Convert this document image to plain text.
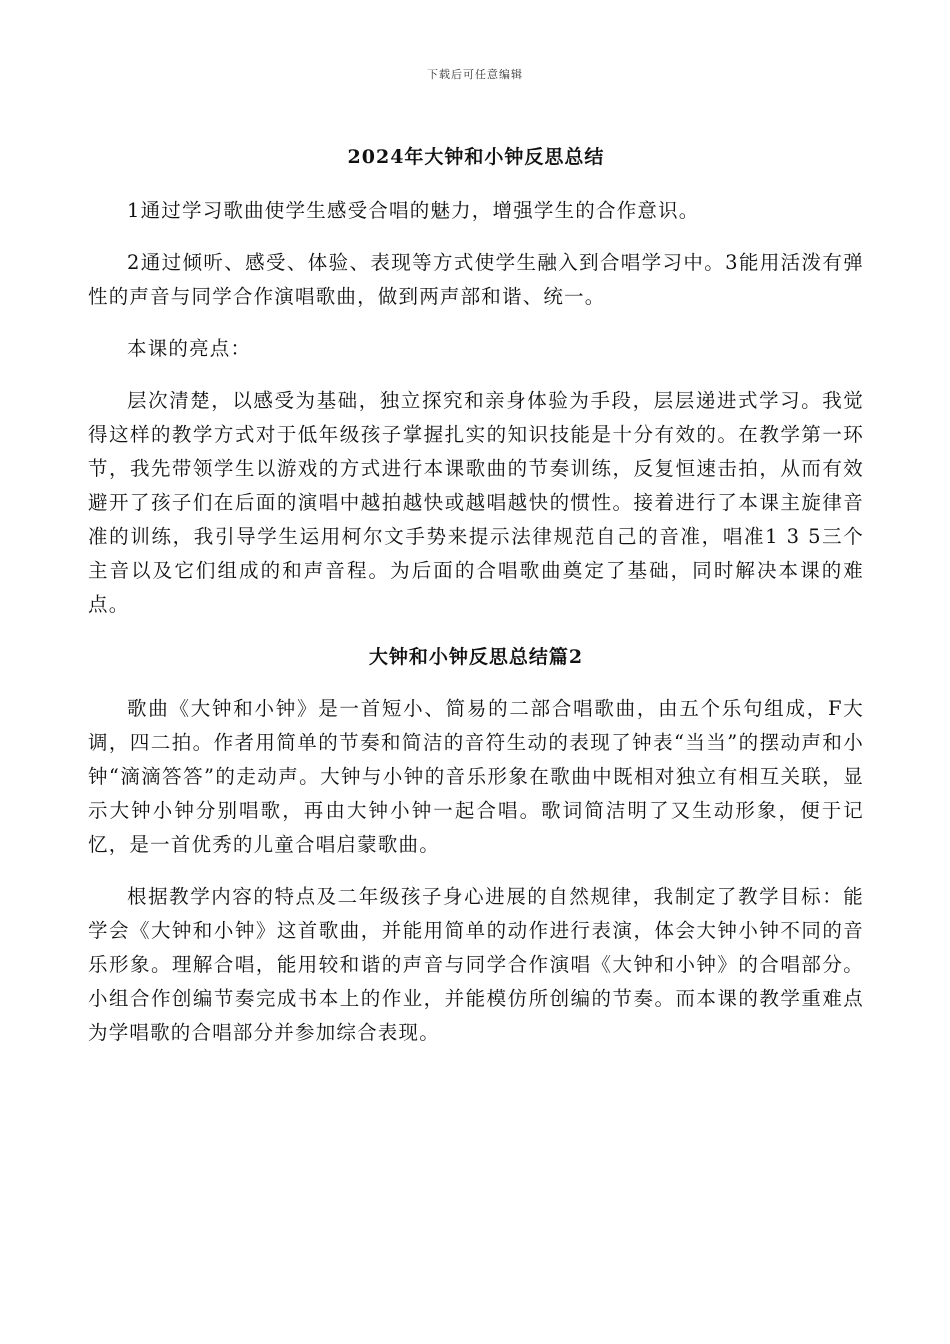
下载后可任意编辑
2024年大钟和小钟反思总结

1通过学习歌曲使学生感受合唱的魅力，增强学生的合作意识。

2通过倾听、感受、体验、表现等方式使学生融入到合唱学习中。3能用活泼有弹性的声音与同学合作演唱歌曲，做到两声部和谐、统一。

本课的亮点：

层次清楚，以感受为基础，独立探究和亲身体验为手段，层层递进式学习。我觉得这样的教学方式对于低年级孩子掌握扎实的知识技能是十分有效的。在教学第一环节，我先带领学生以游戏的方式进行本课歌曲的节奏训练，反复恒速击拍，从而有效避开了孩子们在后面的演唱中越拍越快或越唱越快的惯性。接着进行了本课主旋律音准的训练，我引导学生运用柯尔文手势来提示法律规范自己的音准，唱准1 3 5三个主音以及它们组成的和声音程。为后面的合唱歌曲奠定了基础，同时解决本课的难点。

大钟和小钟反思总结篇2

歌曲《大钟和小钟》是一首短小、简易的二部合唱歌曲，由五个乐句组成，F大调，四二拍。作者用简单的节奏和简洁的音符生动的表现了钟表“当当”的摆动声和小钟“滴滴答答”的走动声。大钟与小钟的音乐形象在歌曲中既相对独立有相互关联，显示大钟小钟分别唱歌，再由大钟小钟一起合唱。歌词简洁明了又生动形象，便于记忆，是一首优秀的儿童合唱启蒙歌曲。

根据教学内容的特点及二年级孩子身心进展的自然规律，我制定了教学目标：能学会《大钟和小钟》这首歌曲，并能用简单的动作进行表演，体会大钟小钟不同的音乐形象。理解合唱，能用较和谐的声音与同学合作演唱《大钟和小钟》的合唱部分。小组合作创编节奏完成书本上的作业，并能模仿所创编的节奏。而本课的教学重难点为学唱歌的合唱部分并参加综合表现。
